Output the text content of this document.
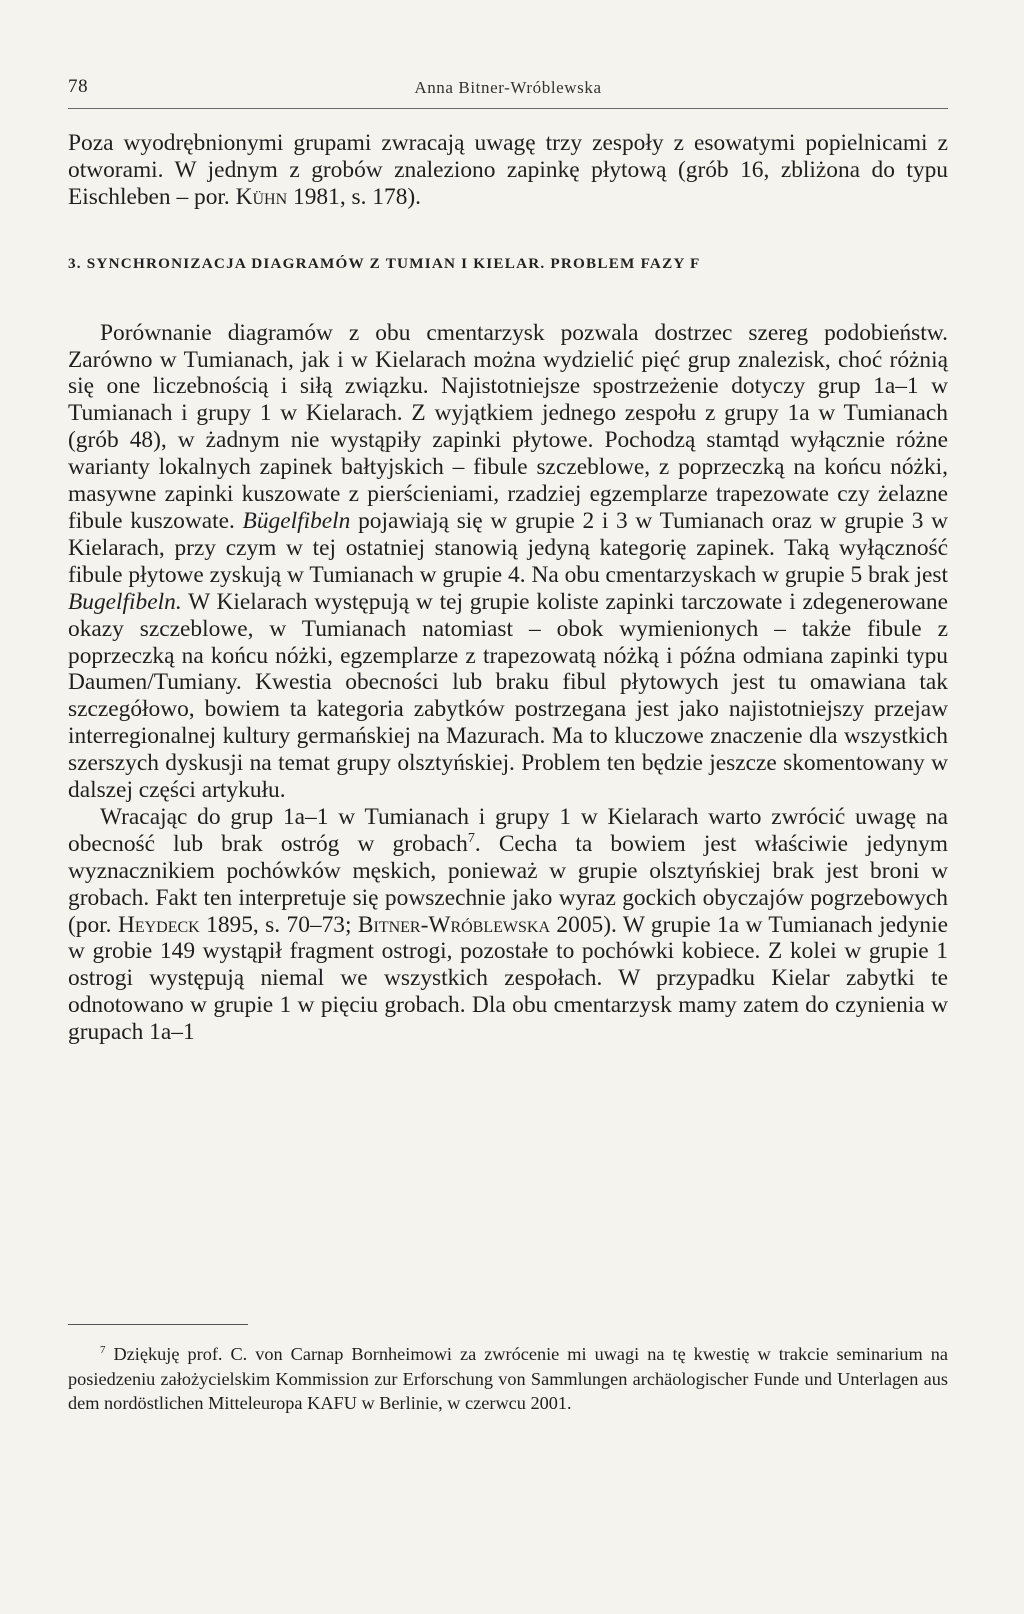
78	Anna Bitner-Wróblewska

Poza wyodrębnionymi grupami zwracają uwagę trzy zespoły z esowatymi popielnicami z otworami. W jednym z grobów znaleziono zapinkę płytową (grób 16, zbliżona do typu Eischleben – por. Kühn 1981, s. 178).

3. SYNCHRONIZACJA DIAGRAMÓW Z TUMIAN I KIELAR. PROBLEM FAZY F

Porównanie diagramów z obu cmentarzysk pozwala dostrzec szereg podobieństw. Zarówno w Tumianach, jak i w Kielarach można wydzielić pięć grup znalezisk, choć różnią się one liczebnością i siłą związku. Najistotniejsze spostrzeżenie dotyczy grup 1a–1 w Tumianach i grupy 1 w Kielarach. Z wyjątkiem jednego zespołu z grupy 1a w Tumianach (grób 48), w żadnym nie wystąpiły zapinki płytowe. Pochodzą stamtąd wyłącznie różne warianty lokalnych zapinek bałtyjskich – fibule szczeblowe, z poprzeczką na końcu nóżki, masywne zapinki kuszowate z pierścieniami, rzadziej egzemplarze trapezowate czy żelazne fibule kuszowate. Bügelfibeln pojawiają się w grupie 2 i 3 w Tumianach oraz w grupie 3 w Kielarach, przy czym w tej ostatniej stanowią jedyną kategorię zapinek. Taką wyłączność fibule płytowe zyskują w Tumianach w grupie 4. Na obu cmentarzyskach w grupie 5 brak jest Bugelfibeln. W Kielarach występują w tej grupie koliste zapinki tarczowate i zdegenerowane okazy szczeblowe, w Tumianach natomiast – obok wymienionych – także fibule z poprzeczką na końcu nóżki, egzemplarze z trapezowatą nóżką i późna odmiana zapinki typu Daumen/Tumiany. Kwestia obecności lub braku fibul płytowych jest tu omawiana tak szczegółowo, bowiem ta kategoria zabytków postrzegana jest jako najistotniejszy przejaw interregionalnej kultury germańskiej na Mazurach. Ma to kluczowe znaczenie dla wszystkich szerszych dyskusji na temat grupy olsztyńskiej. Problem ten będzie jeszcze skomentowany w dalszej części artykułu.

Wracając do grup 1a–1 w Tumianach i grupy 1 w Kielarach warto zwrócić uwagę na obecność lub brak ostróg w grobach$^7$. Cecha ta bowiem jest właściwie jedynym wyznacznikiem pochówków męskich, ponieważ w grupie olsztyńskiej brak jest broni w grobach. Fakt ten interpretuje się powszechnie jako wyraz gockich obyczajów pogrzebowych (por. Heydeck 1895, s. 70–73; Bitner-Wróblewska 2005). W grupie 1a w Tumianach jedynie w grobie 149 wystąpił fragment ostrogi, pozostałe to pochówki kobiece. Z kolei w grupie 1 ostrogi występują niemal we wszystkich zespołach. W przypadku Kielar zabytki te odnotowano w grupie 1 w pięciu grobach. Dla obu cmentarzysk mamy zatem do czynienia w grupach 1a–1

$^7$ Dziękuję prof. C. von Carnap Bornheimowi za zwrócenie mi uwagi na tę kwestię w trakcie seminarium na posiedzeniu założycielskim Kommission zur Erforschung von Sammlungen archäologischer Funde und Unterlagen aus dem nordöstlichen Mitteleuropa KAFU w Berlinie, w czerwcu 2001.
